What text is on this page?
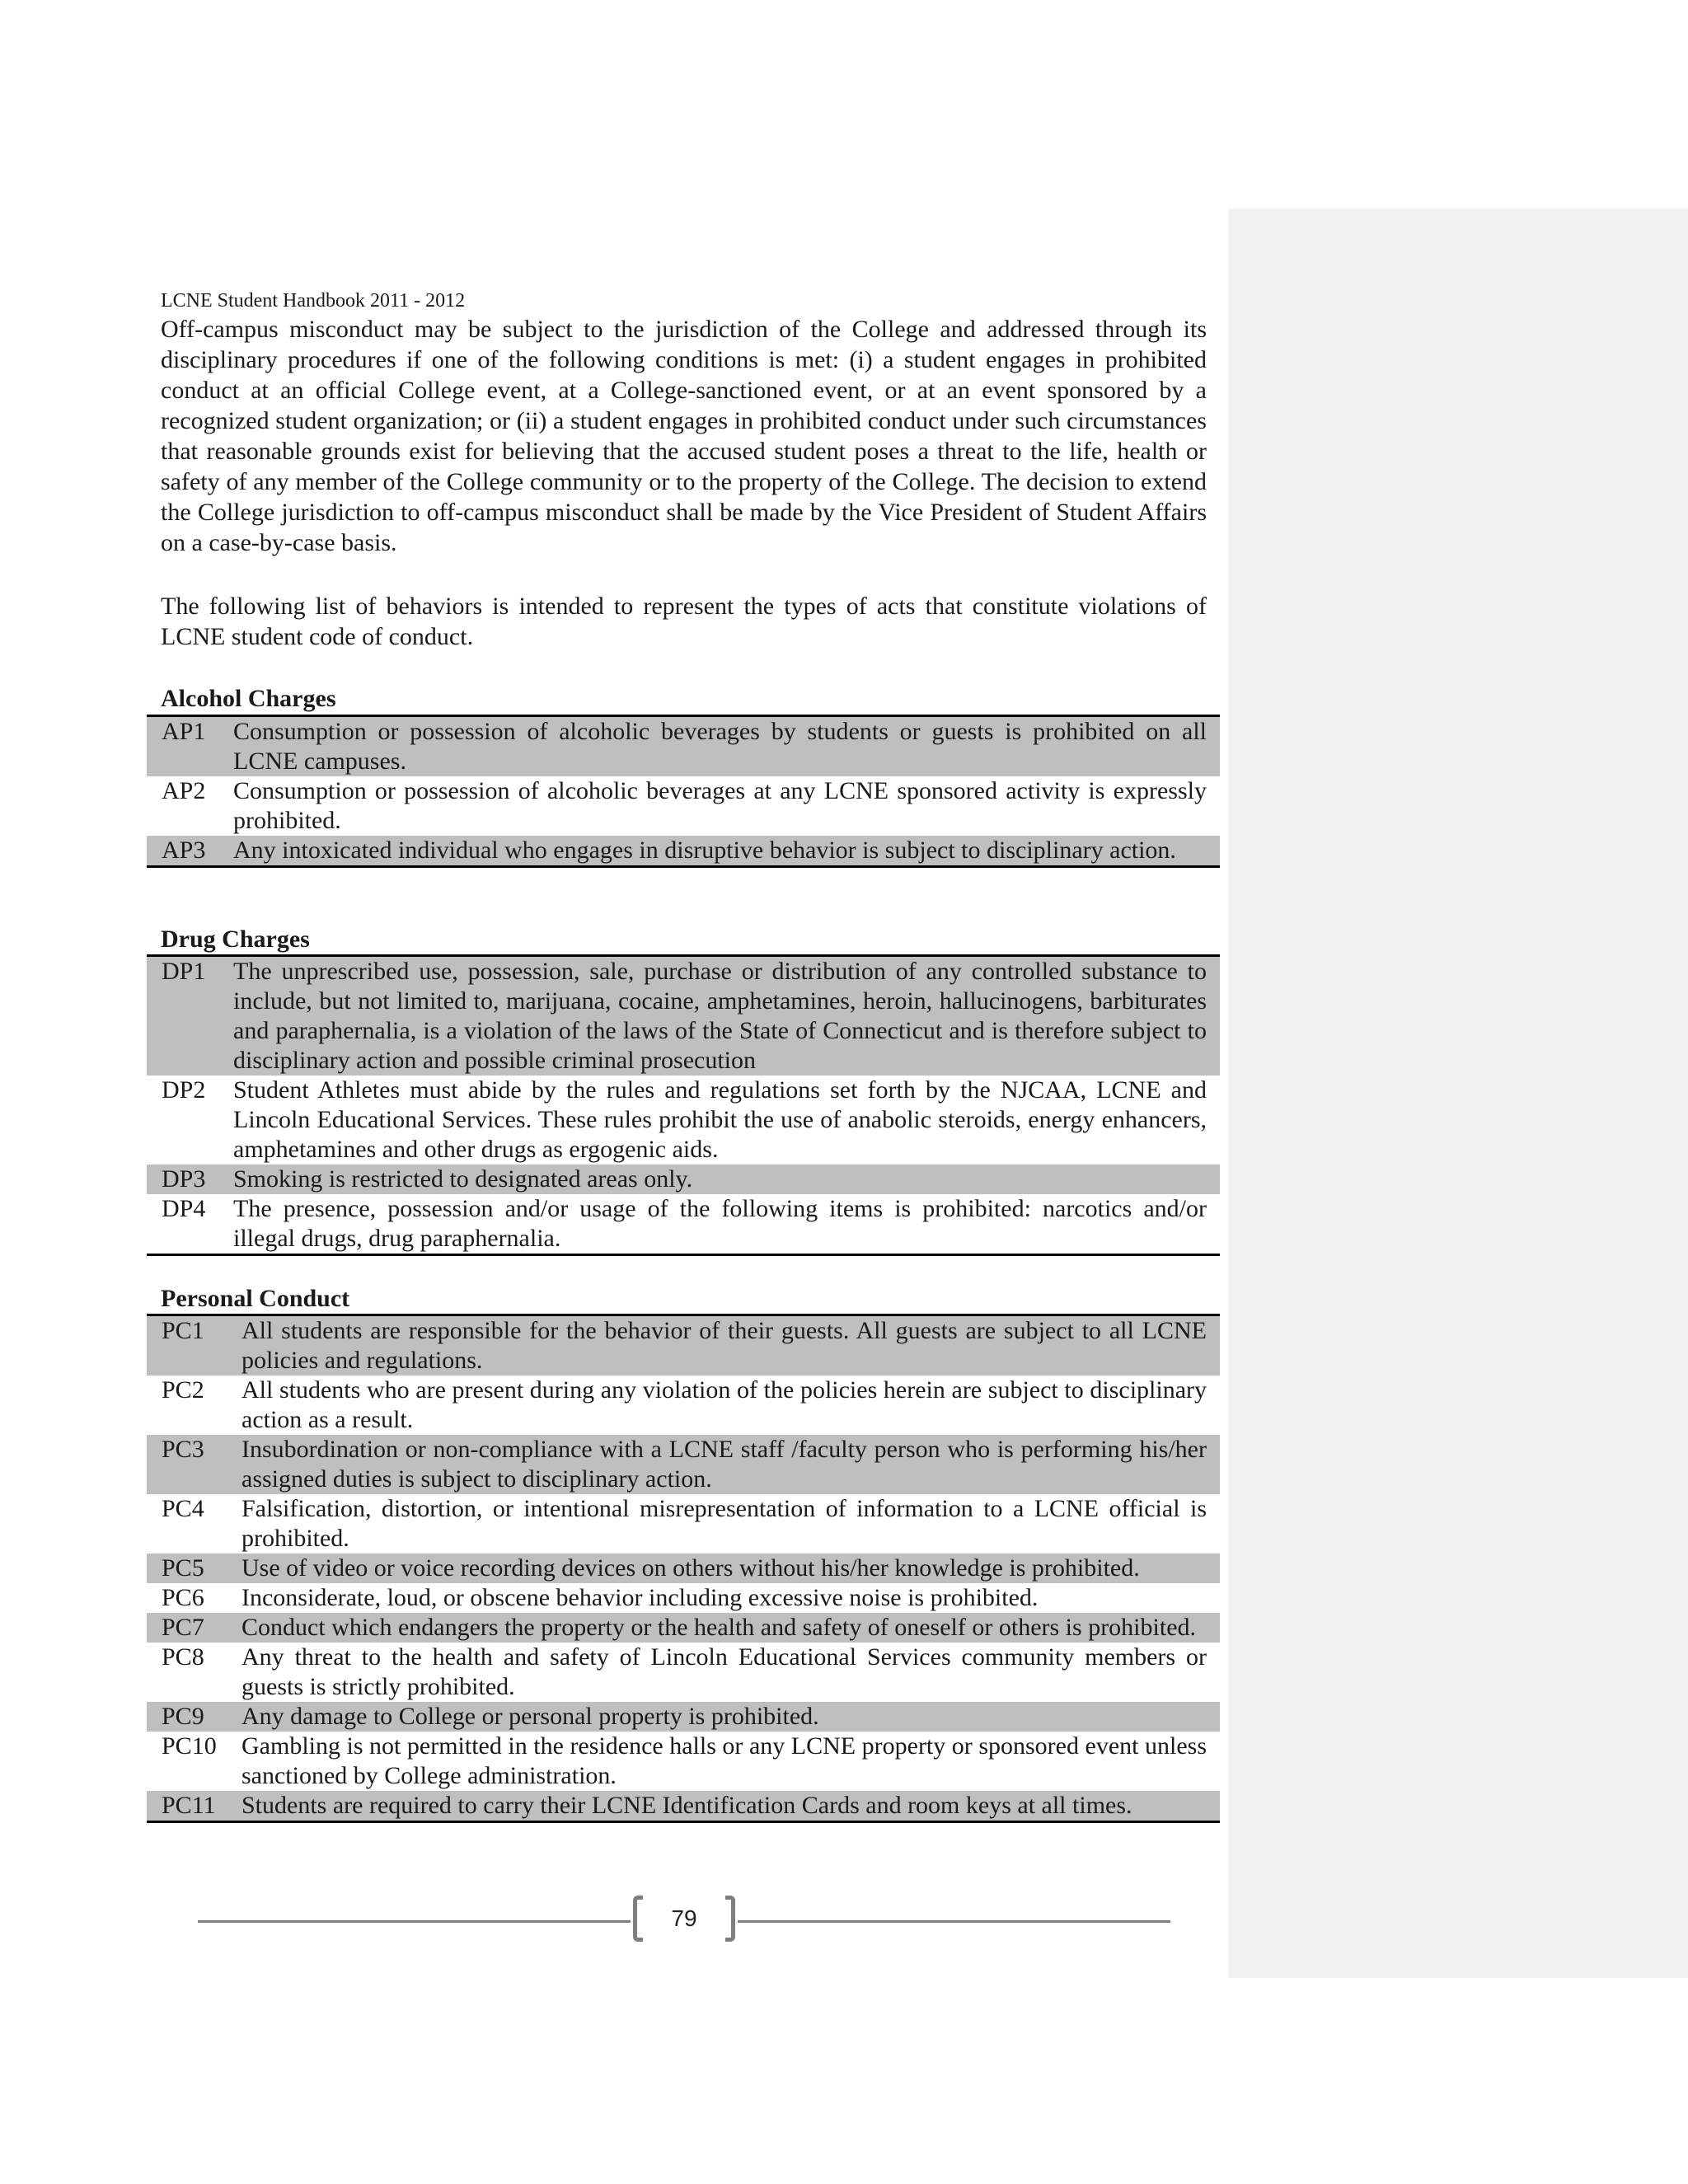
LCNE Student Handbook 2011 - 2012

Off-campus misconduct may be subject to the jurisdiction of the College and addressed through its disciplinary procedures if one of the following conditions is met: (i) a student engages in prohibited conduct at an official College event, at a College-sanctioned event, or at an event sponsored by a recognized student organization; or (ii) a student engages in prohibited conduct under such circumstances that reasonable grounds exist for believing that the accused student poses a threat to the life, health or safety of any member of the College community or to the property of the College. The decision to extend the College jurisdiction to off-campus misconduct shall be made by the Vice President of Student Affairs on a case-by-case basis.

The following list of behaviors is intended to represent the types of acts that constitute violations of LCNE student code of conduct.

Alcohol Charges
AP1	Consumption or possession of alcoholic beverages by students or guests is prohibited on all LCNE campuses.
AP2	Consumption or possession of alcoholic beverages at any LCNE sponsored activity is expressly prohibited.
AP3	Any intoxicated individual who engages in disruptive behavior is subject to disciplinary action.
Drug Charges
DP1	The unprescribed use, possession, sale, purchase or distribution of any controlled substance to include, but not limited to, marijuana, cocaine, amphetamines, heroin, hallucinogens, barbiturates and paraphernalia, is a violation of the laws of the State of Connecticut and is therefore subject to disciplinary action and possible criminal prosecution
DP2	Student Athletes must abide by the rules and regulations set forth by the NJCAA, LCNE and Lincoln Educational Services. These rules prohibit the use of anabolic steroids, energy enhancers, amphetamines and other drugs as ergogenic aids.
DP3	Smoking is restricted to designated areas only.
DP4	The presence, possession and/or usage of the following items is prohibited: narcotics and/or illegal drugs, drug paraphernalia.
Personal Conduct
PC1	All students are responsible for the behavior of their guests. All guests are subject to all LCNE policies and regulations.
PC2	All students who are present during any violation of the policies herein are subject to disciplinary action as a result.
PC3	Insubordination or non-compliance with a LCNE staff /faculty person who is performing his/her assigned duties is subject to disciplinary action.
PC4	Falsification, distortion, or intentional misrepresentation of information to a LCNE official is prohibited.
PC5	Use of video or voice recording devices on others without his/her knowledge is prohibited.
PC6	Inconsiderate, loud, or obscene behavior including excessive noise is prohibited.
PC7	Conduct which endangers the property or the health and safety of oneself or others is prohibited.
PC8	Any threat to the health and safety of Lincoln Educational Services community members or guests is strictly prohibited.
PC9	Any damage to College or personal property is prohibited.
PC10	Gambling is not permitted in the residence halls or any LCNE property or sponsored event unless sanctioned by College administration.
PC11	Students are required to carry their LCNE Identification Cards and room keys at all times.
79
